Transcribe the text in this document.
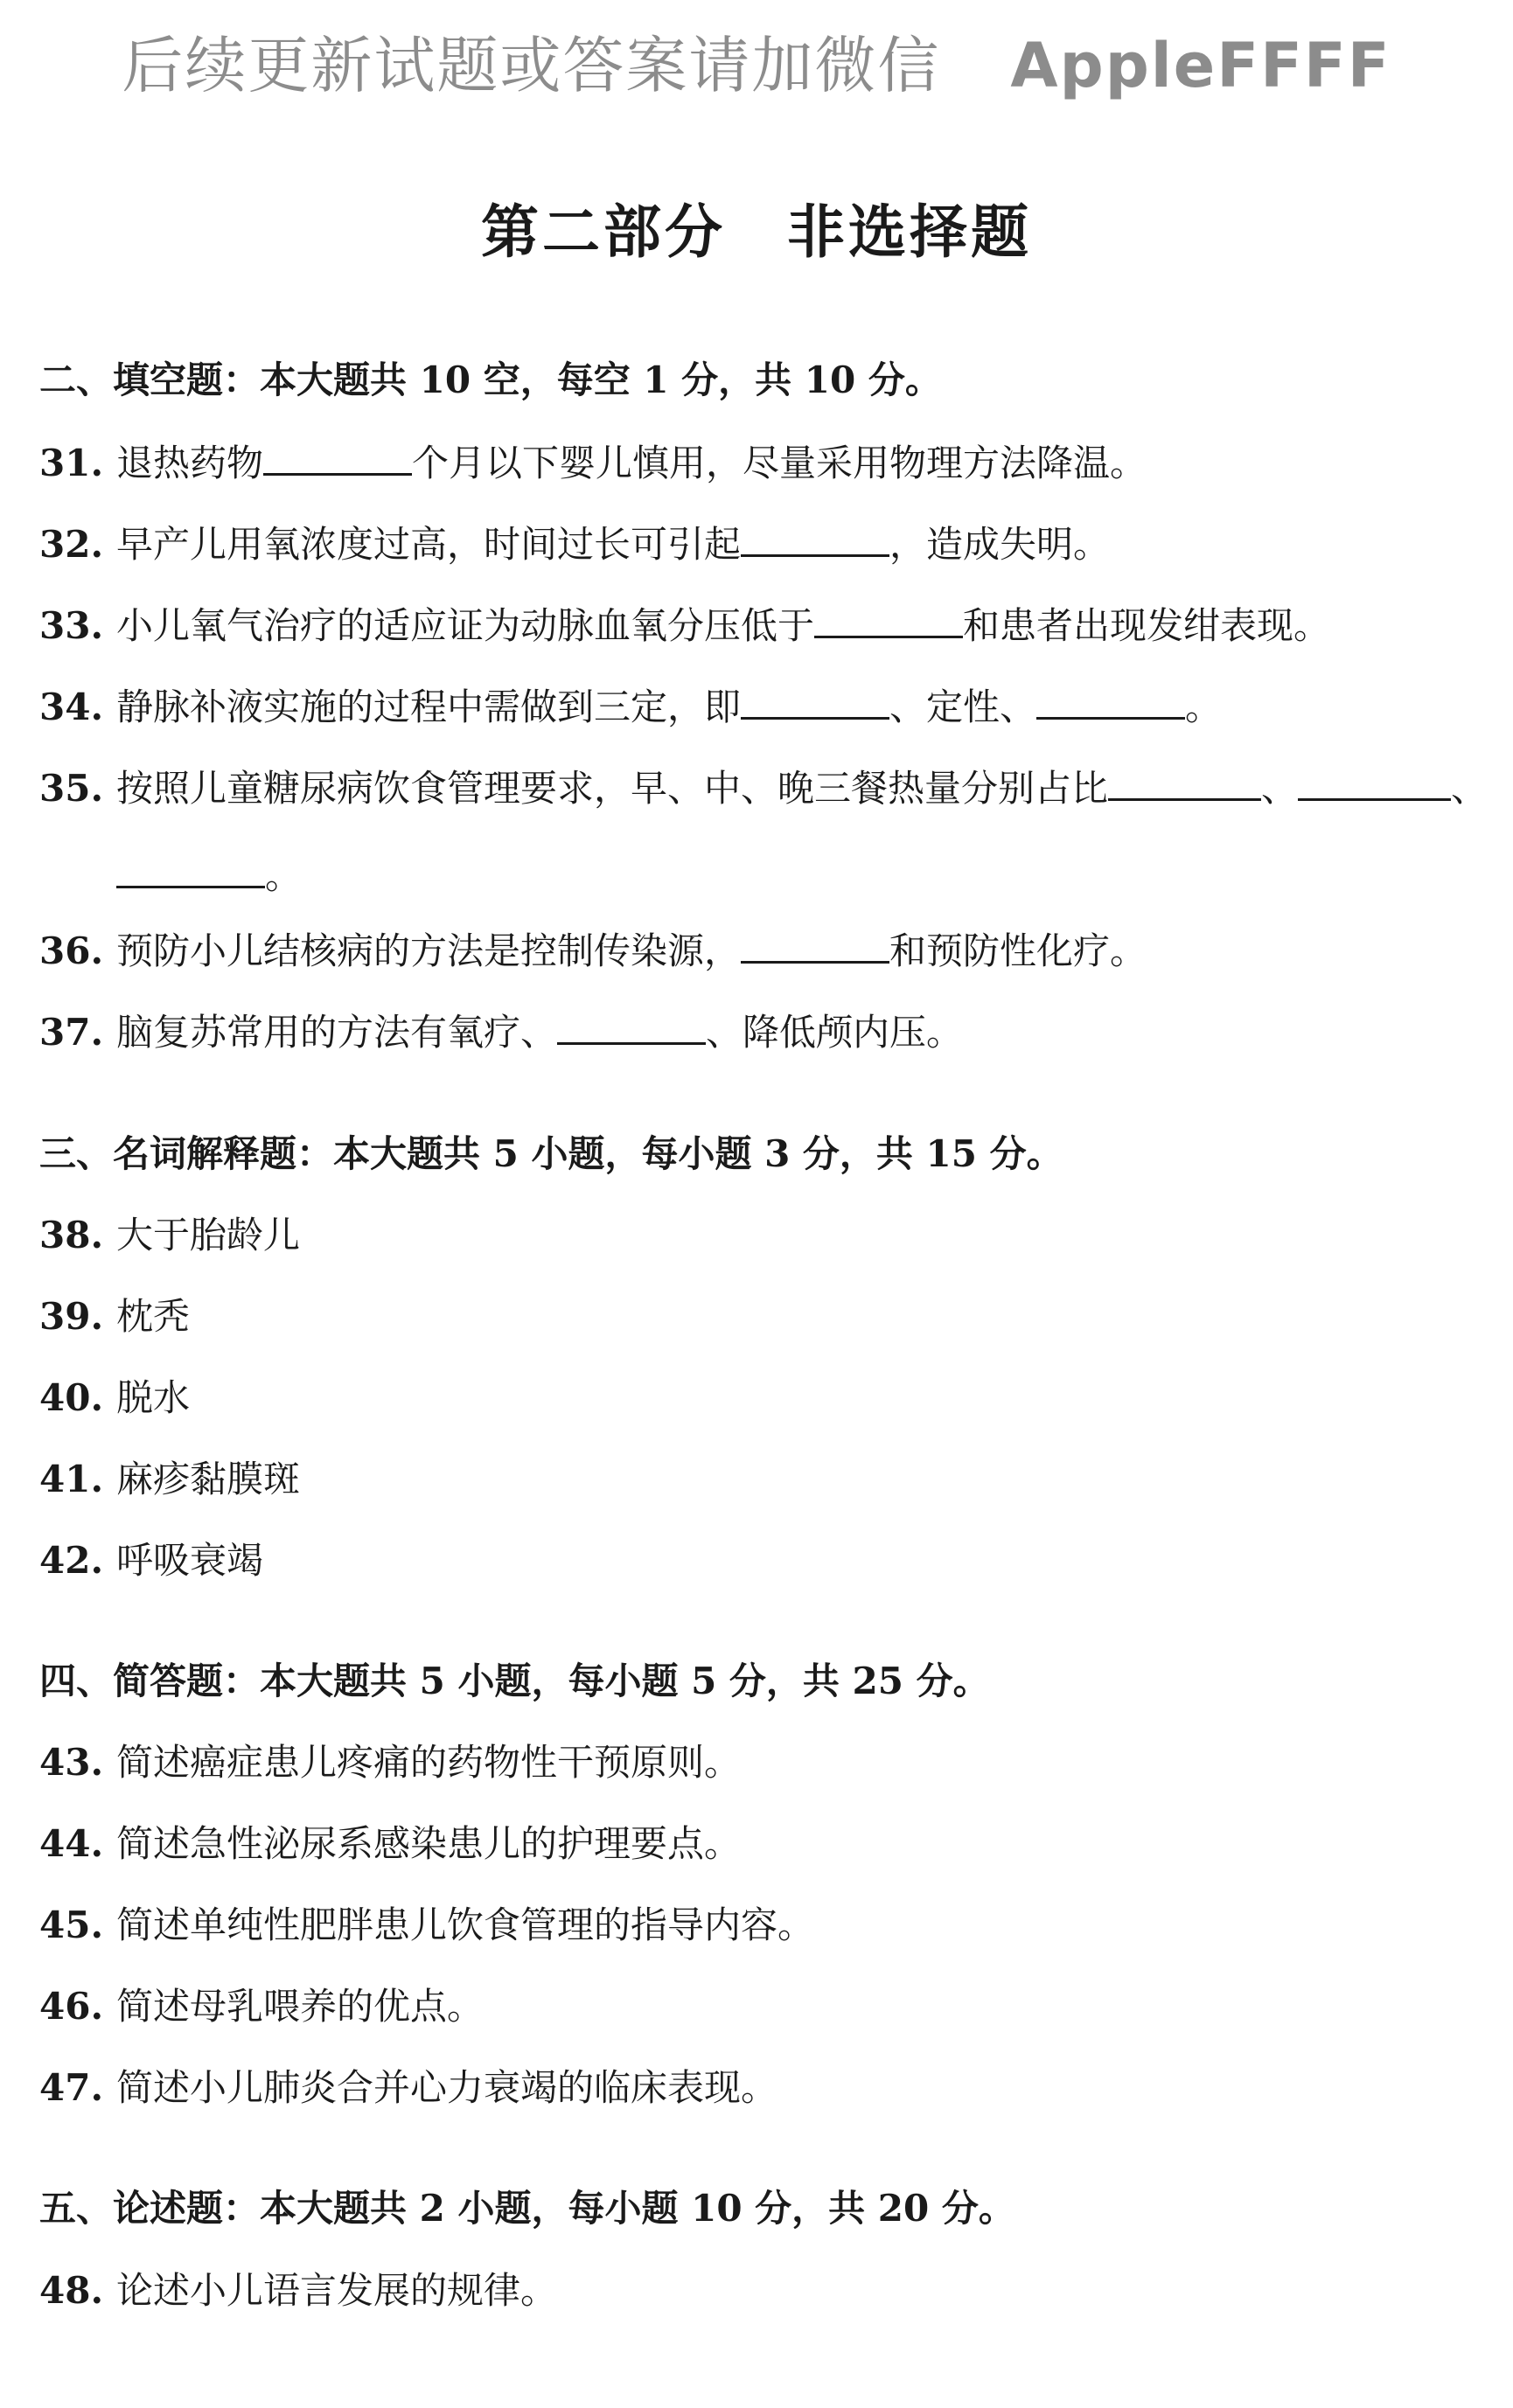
后续更新试题或答案请加微信 AppleFFFF
第二部分 非选择题
二、填空题：本大题共 10 空，每空 1 分，共 10 分。
31. 退热药物	个月以下婴儿慎用，尽量采用物理方法降温。
32. 早产儿用氧浓度过高，时间过长可引起	，造成失明。
33. 小儿氧气治疗的适应证为动脉血氧分压低于	和患者出现发绀表现。
34. 静脉补液实施的过程中需做到三定，即	、定性、	。
35. 按照儿童糖尿病饮食管理要求，早、中、晚三餐热量分别占比	、	、
。
36. 预防小儿结核病的方法是控制传染源，	和预防性化疗。
37. 脑复苏常用的方法有氧疗、	、降低颅内压。
三、名词解释题：本大题共 5 小题，每小题 3 分，共 15 分。
38. 大于胎龄儿
39. 枕秃
40. 脱水
41. 麻疹黏膜斑
42. 呼吸衰竭
四、简答题：本大题共 5 小题，每小题 5 分，共 25 分。
43. 简述癌症患儿疼痛的药物性干预原则。
44. 简述急性泌尿系感染患儿的护理要点。
45. 简述单纯性肥胖患儿饮食管理的指导内容。
46. 简述母乳喂养的优点。
47. 简述小儿肺炎合并心力衰竭的临床表现。
五、论述题：本大题共 2 小题，每小题 10 分，共 20 分。
48. 论述小儿语言发展的规律。
